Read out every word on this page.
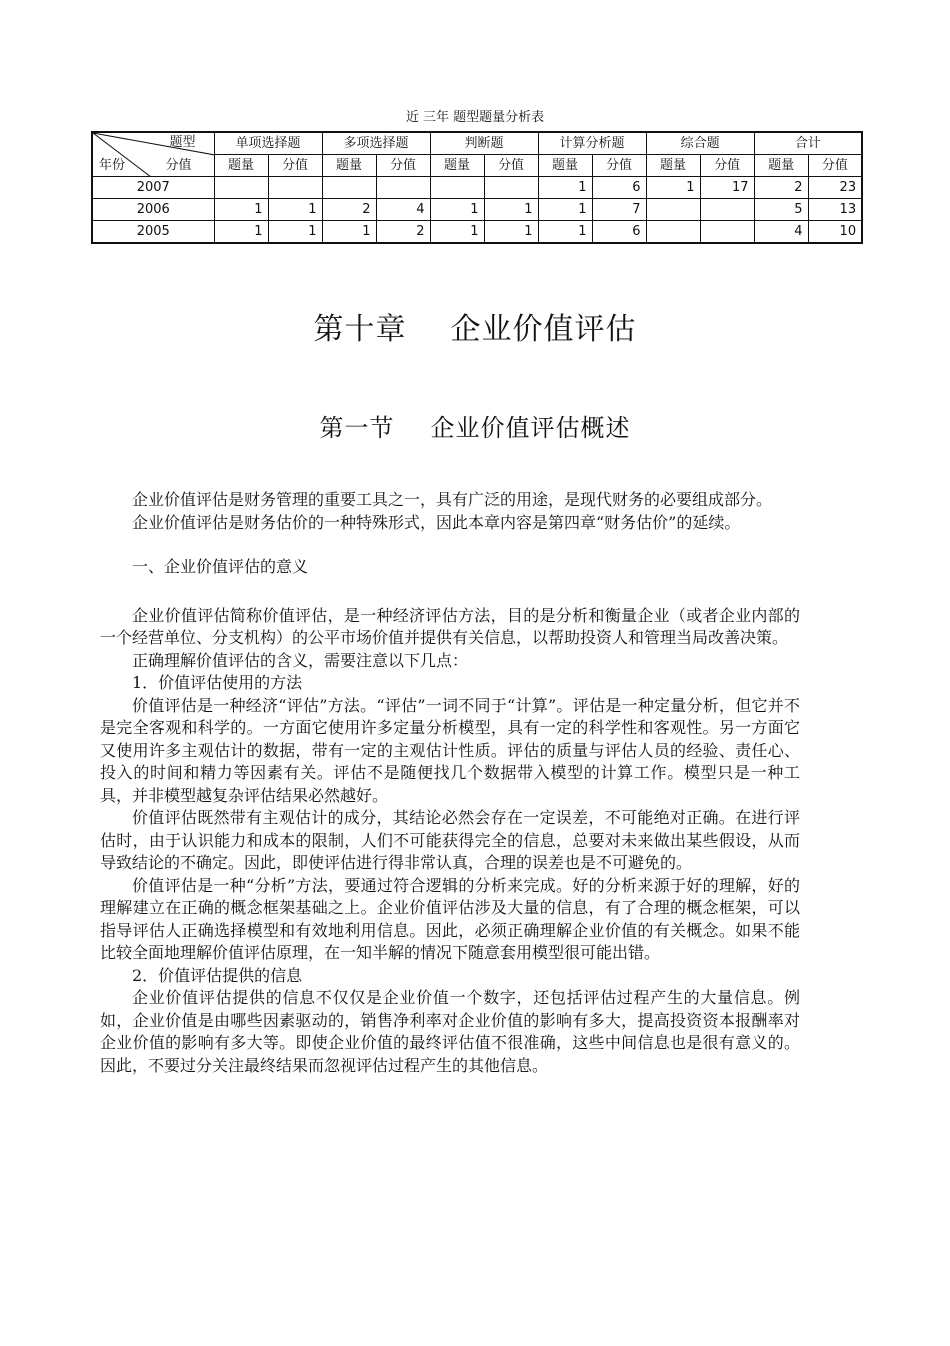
近 三年 题型题量分析表
题型
年份 分值	单项选择题		多项选择题		判断题		计算分析题		综合题		合计	
	题量	分值	题量	分值	题量	分值	题量	分值	题量	分值	题量	分值
2007							1	6	1	17	2	23
2006	1	1	2	4	1	1	1	7			5	13
2005	1	1	1	2	1	1	1	6			4	10
第十章 企业价值评估
第一节 企业价值评估概述

企业价值评估是财务管理的重要工具之一，具有广泛的用途，是现代财务的必要组成部分。

企业价值评估是财务估价的一种特殊形式，因此本章内容是第四章“财务估价”的延续。

一、企业价值评估的意义

企业价值评估简称价值评估，是一种经济评估方法，目的是分析和衡量企业（或者企业内部的一个经营单位、分支机构）的公平市场价值并提供有关信息，以帮助投资人和管理当局改善决策。

正确理解价值评估的含义，需要注意以下几点：

1．价值评估使用的方法

价值评估是一种经济“评估”方法。“评估”一词不同于“计算”。评估是一种定量分析，但它并不是完全客观和科学的。一方面它使用许多定量分析模型，具有一定的科学性和客观性。另一方面它又使用许多主观估计的数据，带有一定的主观估计性质。评估的质量与评估人员的经验、责任心、投入的时间和精力等因素有关。评估不是随便找几个数据带入模型的计算工作。模型只是一种工具，并非模型越复杂评估结果必然越好。

价值评估既然带有主观估计的成分，其结论必然会存在一定误差，不可能绝对正确。在进行评估时，由于认识能力和成本的限制，人们不可能获得完全的信息，总要对未来做出某些假设，从而导致结论的不确定。因此，即使评估进行得非常认真，合理的误差也是不可避免的。

价值评估是一种“分析”方法，要通过符合逻辑的分析来完成。好的分析来源于好的理解，好的理解建立在正确的概念框架基础之上。企业价值评估涉及大量的信息，有了合理的概念框架，可以指导评估人正确选择模型和有效地利用信息。因此，必须正确理解企业价值的有关概念。如果不能比较全面地理解价值评估原理，在一知半解的情况下随意套用模型很可能出错。

2．价值评估提供的信息

企业价值评估提供的信息不仅仅是企业价值一个数字，还包括评估过程产生的大量信息。例如，企业价值是由哪些因素驱动的，销售净利率对企业价值的影响有多大，提高投资资本报酬率对企业价值的影响有多大等。即使企业价值的最终评估值不很准确，这些中间信息也是很有意义的。因此，不要过分关注最终结果而忽视评估过程产生的其他信息。
